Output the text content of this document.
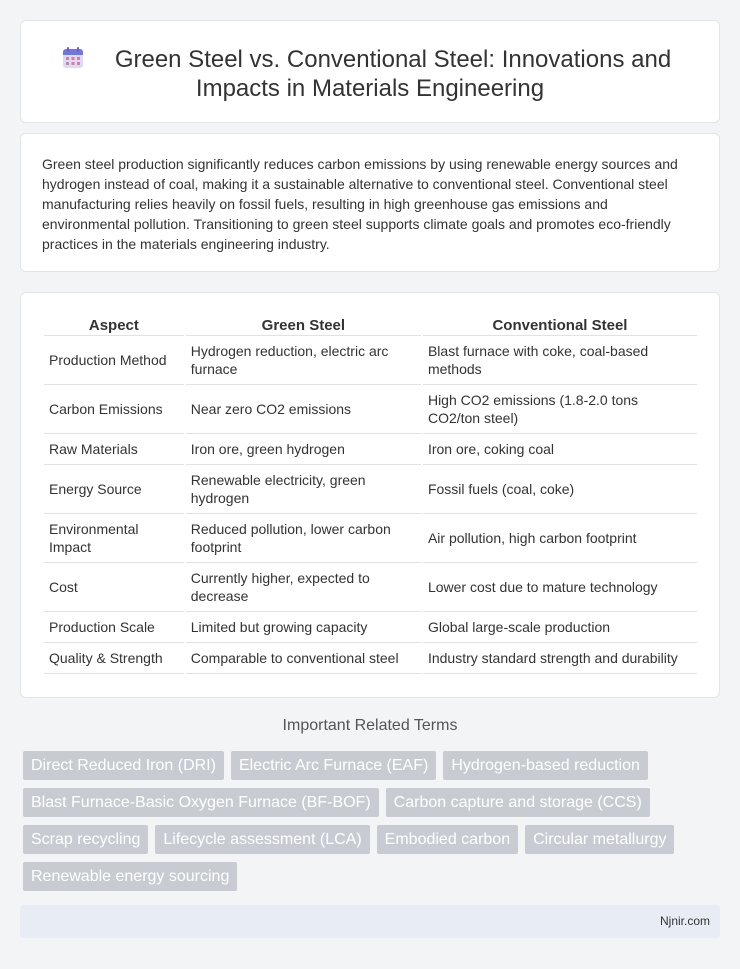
Green Steel vs. Conventional Steel: Innovations and
Impacts in Materials Engineering

Green steel production significantly reduces carbon emissions by using renewable energy sources and hydrogen instead of coal, making it a sustainable alternative to conventional steel. Conventional steel manufacturing relies heavily on fossil fuels, resulting in high greenhouse gas emissions and environmental pollution. Transitioning to green steel supports climate goals and promotes eco-friendly practices in the materials engineering industry.

Aspect	Green Steel	Conventional Steel
Production Method	Hydrogen reduction, electric arc furnace	Blast furnace with coke, coal-based methods
Carbon Emissions	Near zero CO2 emissions	High CO2 emissions (1.8-2.0 tons CO2/ton steel)
Raw Materials	Iron ore, green hydrogen	Iron ore, coking coal
Energy Source	Renewable electricity, green hydrogen	Fossil fuels (coal, coke)
Environmental Impact	Reduced pollution, lower carbon footprint	Air pollution, high carbon footprint
Cost	Currently higher, expected to decrease	Lower cost due to mature technology
Production Scale	Limited but growing capacity	Global large-scale production
Quality & Strength	Comparable to conventional steel	Industry standard strength and durability
Important Related Terms
Direct Reduced Iron (DRI)	Electric Arc Furnace (EAF)	Hydrogen-based reduction
Blast Furnace-Basic Oxygen Furnace (BF-BOF)	Carbon capture and storage (CCS)
Scrap recycling	Lifecycle assessment (LCA)	Embodied carbon	Circular metallurgy
Renewable energy sourcing
Njnir.com
